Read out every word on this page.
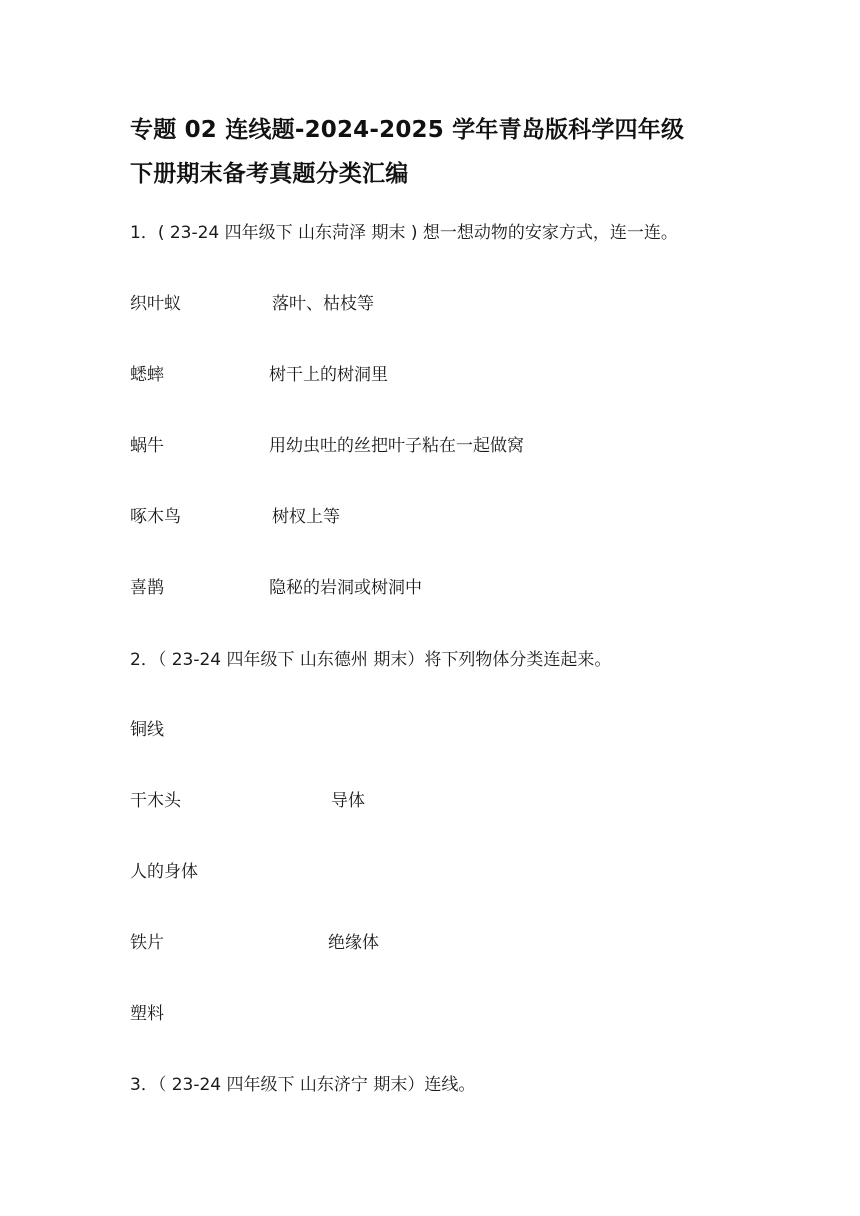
专题 02 连线题-2024-2025 学年青岛版科学四年级
下册期末备考真题分类汇编
1．( 23-24 四年级下 山东菏泽 期末 ) 想一想动物的安家方式，连一连。
织叶蚁	落叶、枯枝等
蟋蟀	树干上的树洞里
蜗牛	用幼虫吐的丝把叶子粘在一起做窝
啄木鸟	树杈上等
喜鹊	隐秘的岩洞或树洞中
2．（ 23-24 四年级下 山东德州 期末）将下列物体分类连起来。
铜线
干木头	导体
人的身体
铁片	绝缘体
塑料
3．（ 23-24 四年级下 山东济宁 期末）连线。
